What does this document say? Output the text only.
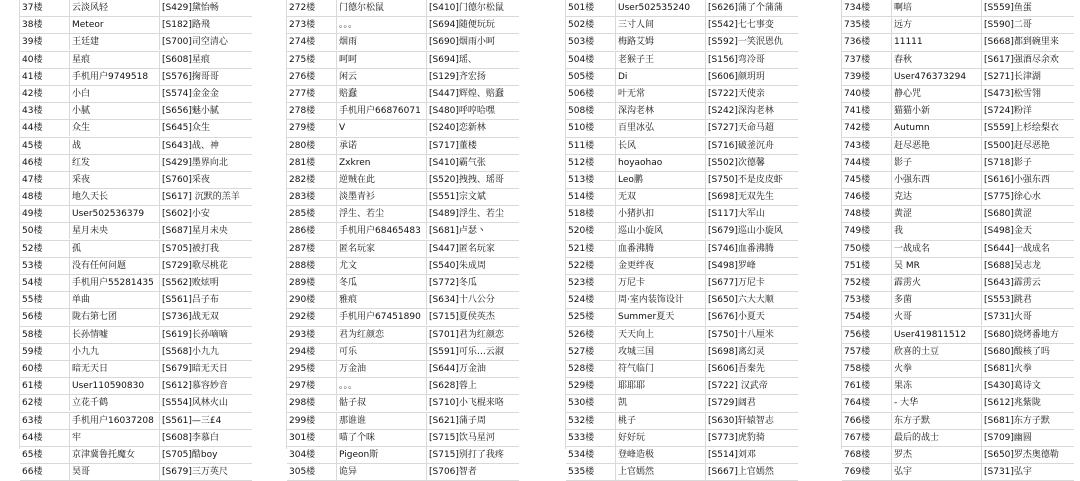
37楼	云淡风轻	[S429]黛怡畅
38楼	Meteor	[S182]路飛
39楼	王廷建	[S700]司空清心
40楼	星痕	[S608]星痕
41楼	手机用户9749518	[S576]掬哥哥
42楼	小白	[S574]金金金
43楼	小腻	[S656]魅小腻
44楼	众生	[S645]众生
45楼	战	[S643]战、神
46楼	红发	[S429]墨界向北
47楼	采夜	[S760]采夜
48楼	地久天长	[S617] 沉默的羔羊
49楼	User502536379	[S602]小安
50楼	星月未央	[S687]星月未央
52楼	孤	[S705]被打我
53楼	没有任何问题	[S729]歌尽桃花
54楼	手机用户55281435 [S562]败炫明
55楼	单曲	[S561]吕子布
56楼	陇右第七团	[S736]战无双
58楼	长孙情嘘	[S619]长孙嘀嘀
59楼	小九九	[S568]小九九
60楼	暗无天日	[S679]暗无天日
61楼	User110590830	[S612]慕容妙音
62楼	立花千鹤	[S554]风林火山
63楼	手机用户16037208 [S561]—三£4
64楼	牢	[S608]李慕白
65楼	京津冀鲁托魔女	[S705]酷boy
66楼	昊哥	[S679]三万英尺
272楼	门德尔松鼠	[S410]门德尔松鼠
273楼	。。。	[S694]随便玩玩
274楼	烟雨	[S690]烟雨小呵
275楼	呵呵	[S694]瑶、
276楼	闲云	[S129]齐宏扬
277楼	赔蠢	[S447]辉煌、赔蠢
278楼	手机用户66876071 [S480]呼哼哈嘿
279楼	V	[S240]恋新林
280楼	承诺	[S717]董楼
281楼	Zxkren	[S410]霸气张
282楼	逆贼在此	[S520]拽拽、瑶哥
283楼	淡墨青衫	[S551]宗文斌
285楼	浮生、若尘	[S489]浮生、若尘
286楼	手机用户68465483 [S681]卢瑟丶
287楼	匿名玩家	[S447]匿名玩家
288楼	尤文	[S540]朱成周
289楼	冬瓜	[S772]冬瓜
290楼	雅痕	[S634]十八公分
292楼	手机用户67451890 [S715]夏侯英杰
293楼	君为红颜恋	[S701]君为红颜恋
294楼	可乐	[S591]可乐…云淑
295楼	万金油	[S644]万金油
297楼	。。。	[S628]蓉上
298楼	骷子叔	[S710]小飞棍来咯
299楼	那谁谁	[S621]蒲子周
301楼	喵了个咪	[S715]饮马星河
304楼	Pigeon斯	[S715]别打了我疼
305楼	诡异	[S706]智者
501楼	User502535240	[S626]蒲了个蒲蒲
502楼	三寸人间	[S542]七七事变
503楼	梅路艾姆	[S592]一笑泯恩仇
504楼	老猴子王	[S156]弯冷哥
505楼	Di	[S606]颜玥玥
506楼	叶无常	[S722]天使亲
508楼	深沟老林	[S242]深沟老林
510楼	百里冰弘	[S727]天命马超
511楼	长风	[S716]破釜沉舟
512楼	hoyaohao	[S502]次德馨
513楼	Leo鹏	[S750]不是皮皮虾
514楼	无双	[S698]无双先生
518楼	小猪扒扣	[S117]大军山
520楼	巡山小旋风	[S679]巡山小旋风
521楼	血番沸腾	[S746]血番沸腾
522楼	金更绊夜	[S498]罗峰
523楼	万尼卡	[S677]万尼卡
524楼	周·室内装饰设计	[S650]六大大顺
525楼	Summer夏天	[S676]小夏天
526楼	天天向上	[S750]十八厘米
527楼	攻城三国	[S698]离幻灵
528楼	符气临门	[S606]吾秦先
529楼	耶耶耶	[S722] 汉武帝
530楼	凯	[S729]阔君
532楼	桃子	[S630]轩辕智志
533楼	好好玩	[S773]虎豹骑
534楼	登峰造极	[S514]刘邓
535楼	上官嫣然	[S667]上官嫣然
734楼	啊培	[S559]鱼蛋
735楼	远方	[S590]二哥
736楼	11111	[S668]都到碗里来
737楼	春秋	[S617]强酒尽余欢
739楼	User476373294	[S271]长津湖
740楼	静心咒	[S473]松雪翎
741楼	猫猫小新	[S724]粉洋
742楼	Autumn	[S559]上杉绘梨衣
743楼	赶尽恶艳	[S500]赶尽恶艳
744楼	影子	[S718]影子
745楼	小强东西	[S616]小强东西
746楼	克达	[S775]徐心水
748楼	黄涩	[S680]黄涩
749楼	我	[S498]金天
750楼	一战成名	[S644]一战成名
751楼	吴 MR	[S688]吴志龙
752楼	霹雳火	[S643]霹雳云
753楼	多菌	[S553]跳君
754楼	火哥	[S731]火哥
756楼	User419811512	[S680]烧烤番地方
757楼	欣喜的土豆	[S680]酸核了吗
758楼	火拳	[S681]火拳
761楼	果冻	[S430]葛诗文
764楼	- 大华	[S612]兆紫陇
766楼	东方子默	[S681]东方子默
767楼	最后的战士	[S709]幽圆
768楼	罗杰	[S650]罗杰奥德勒
769楼	弘宇	[S731]弘宇
